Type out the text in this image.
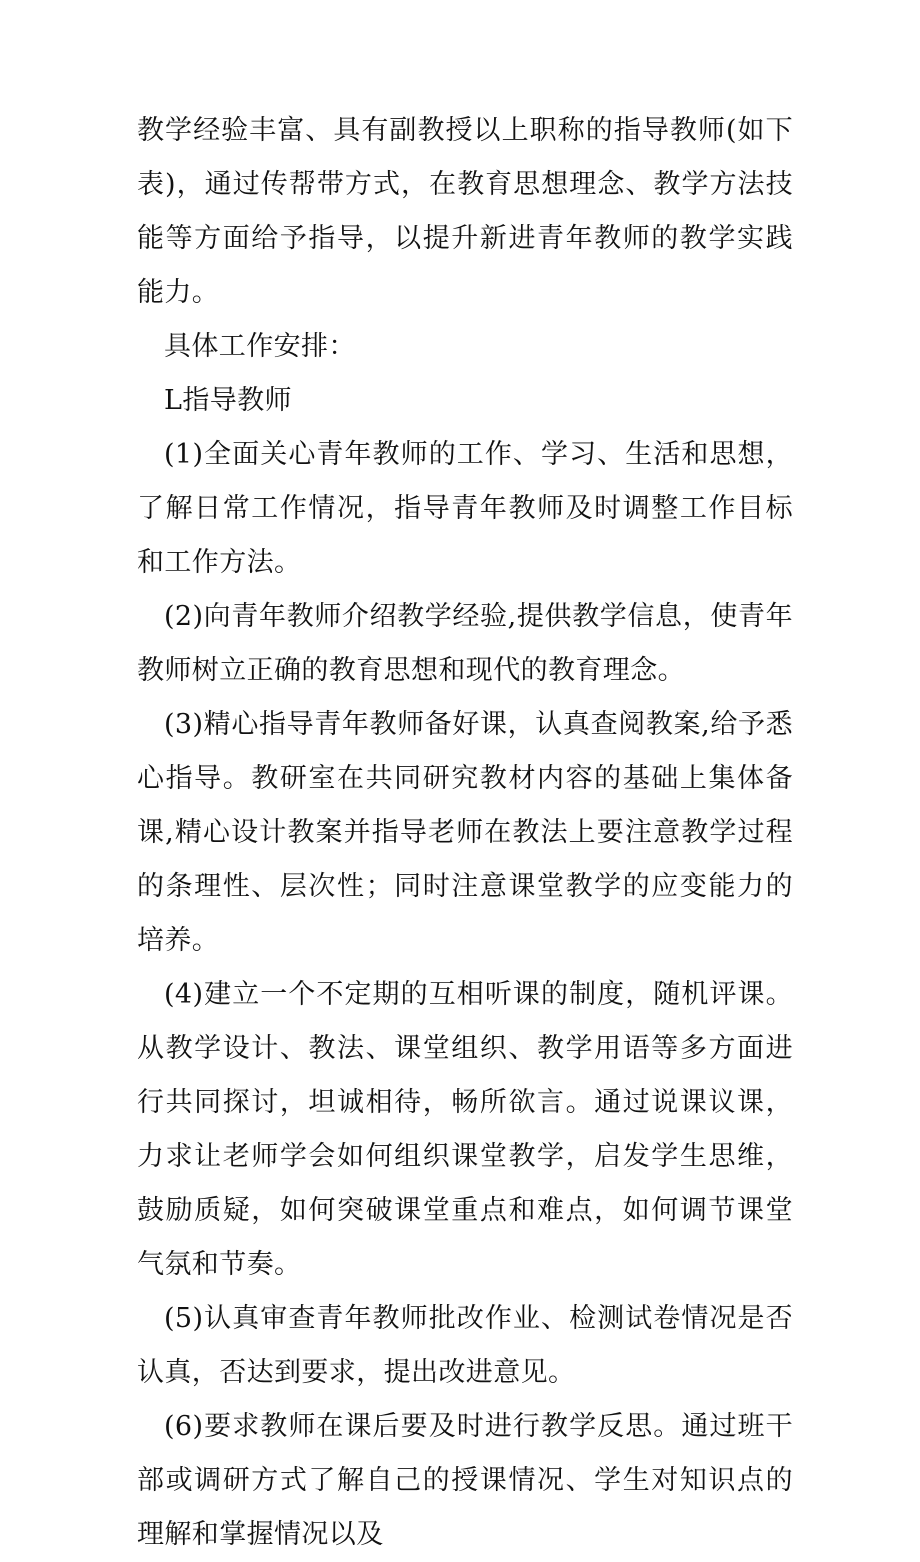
教学经验丰富、具有副教授以上职称的指导教师(如下表)，通过传帮带方式，在教育思想理念、教学方法技能等方面给予指导，以提升新进青年教师的教学实践能力。

具体工作安排：

L指导教师

(1)全面关心青年教师的工作、学习、生活和思想，了解日常工作情况，指导青年教师及时调整工作目标和工作方法。

(2)向青年教师介绍教学经验,提供教学信息，使青年教师树立正确的教育思想和现代的教育理念。

(3)精心指导青年教师备好课，认真查阅教案,给予悉心指导。教研室在共同研究教材内容的基础上集体备课,精心设计教案并指导老师在教法上要注意教学过程的条理性、层次性；同时注意课堂教学的应变能力的培养。

(4)建立一个不定期的互相听课的制度，随机评课。从教学设计、教法、课堂组织、教学用语等多方面进行共同探讨，坦诚相待，畅所欲言。通过说课议课，力求让老师学会如何组织课堂教学，启发学生思维，鼓励质疑，如何突破课堂重点和难点，如何调节课堂气氛和节奏。

(5)认真审查青年教师批改作业、检测试卷情况是否认真，否达到要求，提出改进意见。

(6)要求教师在课后要及时进行教学反思。通过班干部或调研方式了解自己的授课情况、学生对知识点的理解和掌握情况以及
